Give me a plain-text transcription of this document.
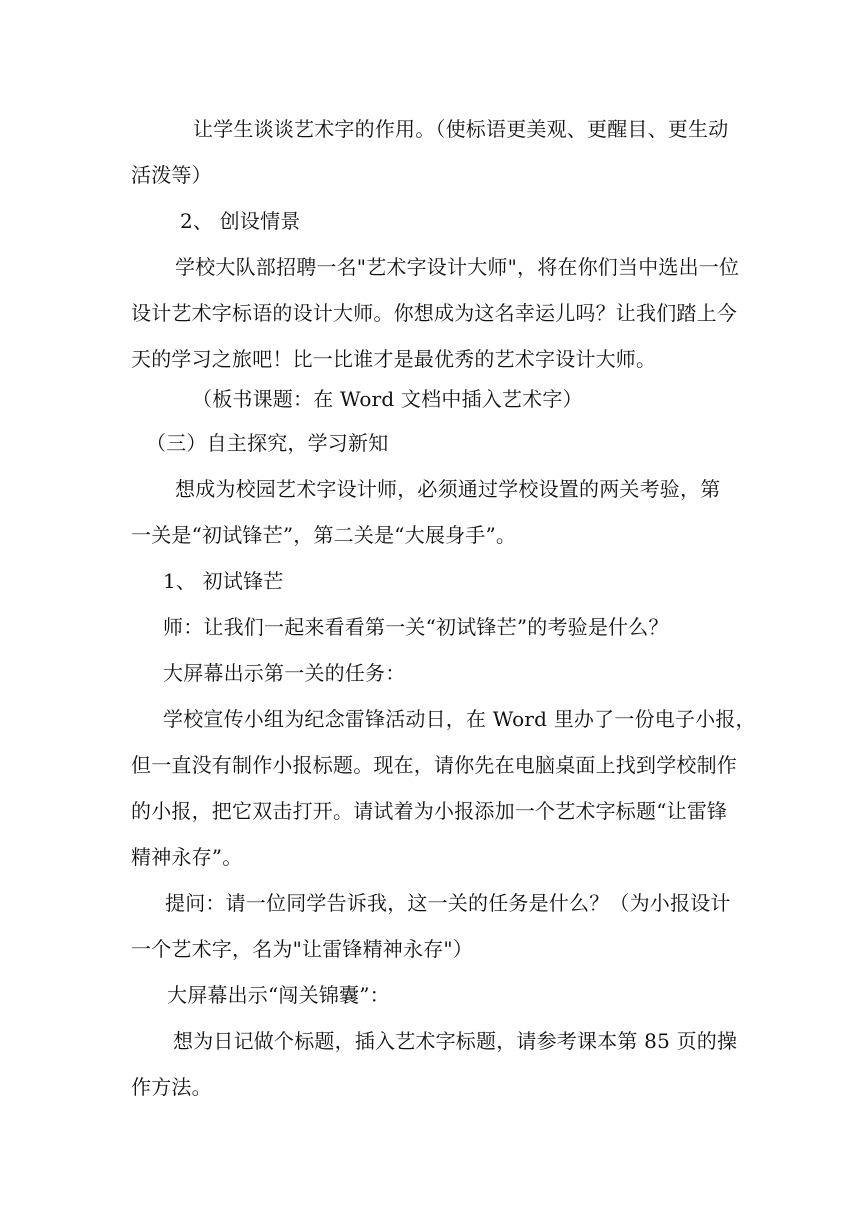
让学生谈谈艺术字的作用。（使标语更美观、更醒目、更生动
活泼等）
2、 创设情景
学校大队部招聘一名"艺术字设计大师"，将在你们当中选出一位
设计艺术字标语的设计大师。你想成为这名幸运儿吗？让我们踏上今
天的学习之旅吧！比一比谁才是最优秀的艺术字设计大师。
（板书课题：在 Word 文档中插入艺术字）
（三）自主探究，学习新知
想成为校园艺术字设计师，必须通过学校设置的两关考验，第
一关是“初试锋芒”，第二关是“大展身手”。
1、 初试锋芒
师：让我们一起来看看第一关“初试锋芒”的考验是什么？
大屏幕出示第一关的任务：
学校宣传小组为纪念雷锋活动日，在 Word 里办了一份电子小报，
但一直没有制作小报标题。现在，请你先在电脑桌面上找到学校制作
的小报，把它双击打开。请试着为小报添加一个艺术字标题“让雷锋
精神永存”。
提问：请一位同学告诉我，这一关的任务是什么？（为小报设计
一个艺术字，名为"让雷锋精神永存"）
大屏幕出示“闯关锦囊”：
想为日记做个标题，插入艺术字标题，请参考课本第 85 页的操
作方法。
